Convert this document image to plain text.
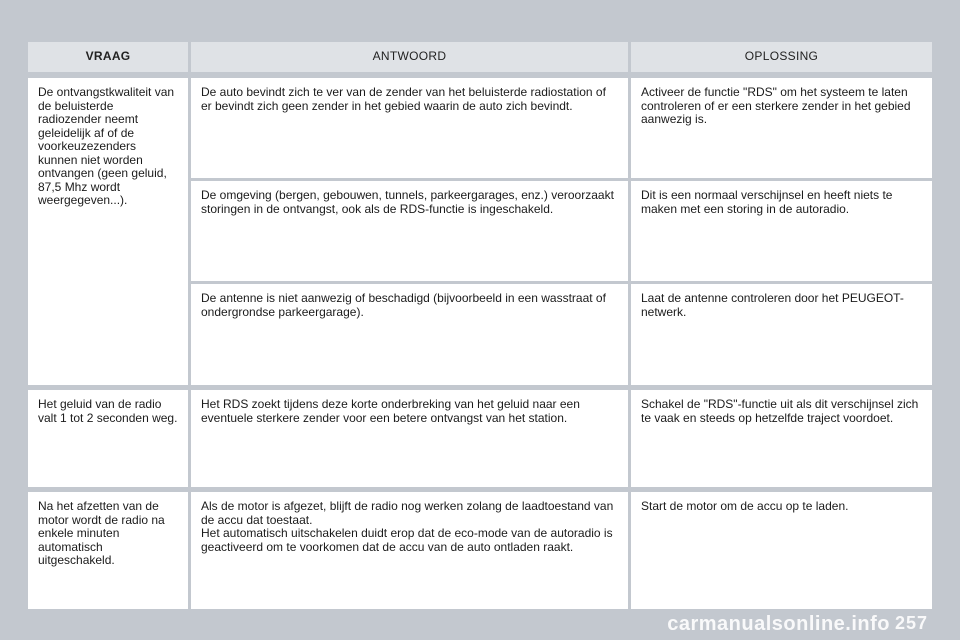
VRAAG	ANTWOORD	OPLOSSING
De ontvangstkwaliteit van de beluisterde radiozender neemt geleidelijk af of de voorkeuzezenders kunnen niet worden ontvangen (geen geluid, 87,5 Mhz wordt weergegeven...).
De auto bevindt zich te ver van de zender van het beluisterde radiostation of er bevindt zich geen zender in het gebied waarin de auto zich bevindt.
Activeer de functie "RDS" om het systeem te laten controleren of er een sterkere zender in het gebied aanwezig is.
De omgeving (bergen, gebouwen, tunnels, parkeergarages, enz.) veroorzaakt storingen in de ontvangst, ook als de RDS-functie is ingeschakeld.
Dit is een normaal verschijnsel en heeft niets te maken met een storing in de autoradio.
De antenne is niet aanwezig of beschadigd (bijvoorbeeld in een wasstraat of ondergrondse parkeergarage).
Laat de antenne controleren door het PEUGEOT-netwerk.
Het geluid van de radio valt 1 tot 2 seconden weg.
Het RDS zoekt tijdens deze korte onderbreking van het geluid naar een eventuele sterkere zender voor een betere ontvangst van het station.
Schakel de "RDS"-functie uit als dit verschijnsel zich te vaak en steeds op hetzelfde traject voordoet.
Na het afzetten van de motor wordt de radio na enkele minuten automatisch uitgeschakeld.
Als de motor is afgezet, blijft de radio nog werken zolang de laadtoestand van de accu dat toestaat.
Het automatisch uitschakelen duidt erop dat de eco-mode van de autoradio is geactiveerd om te voorkomen dat de accu van de auto ontladen raakt.
Start de motor om de accu op te laden.
257
carmanualsonline.info
